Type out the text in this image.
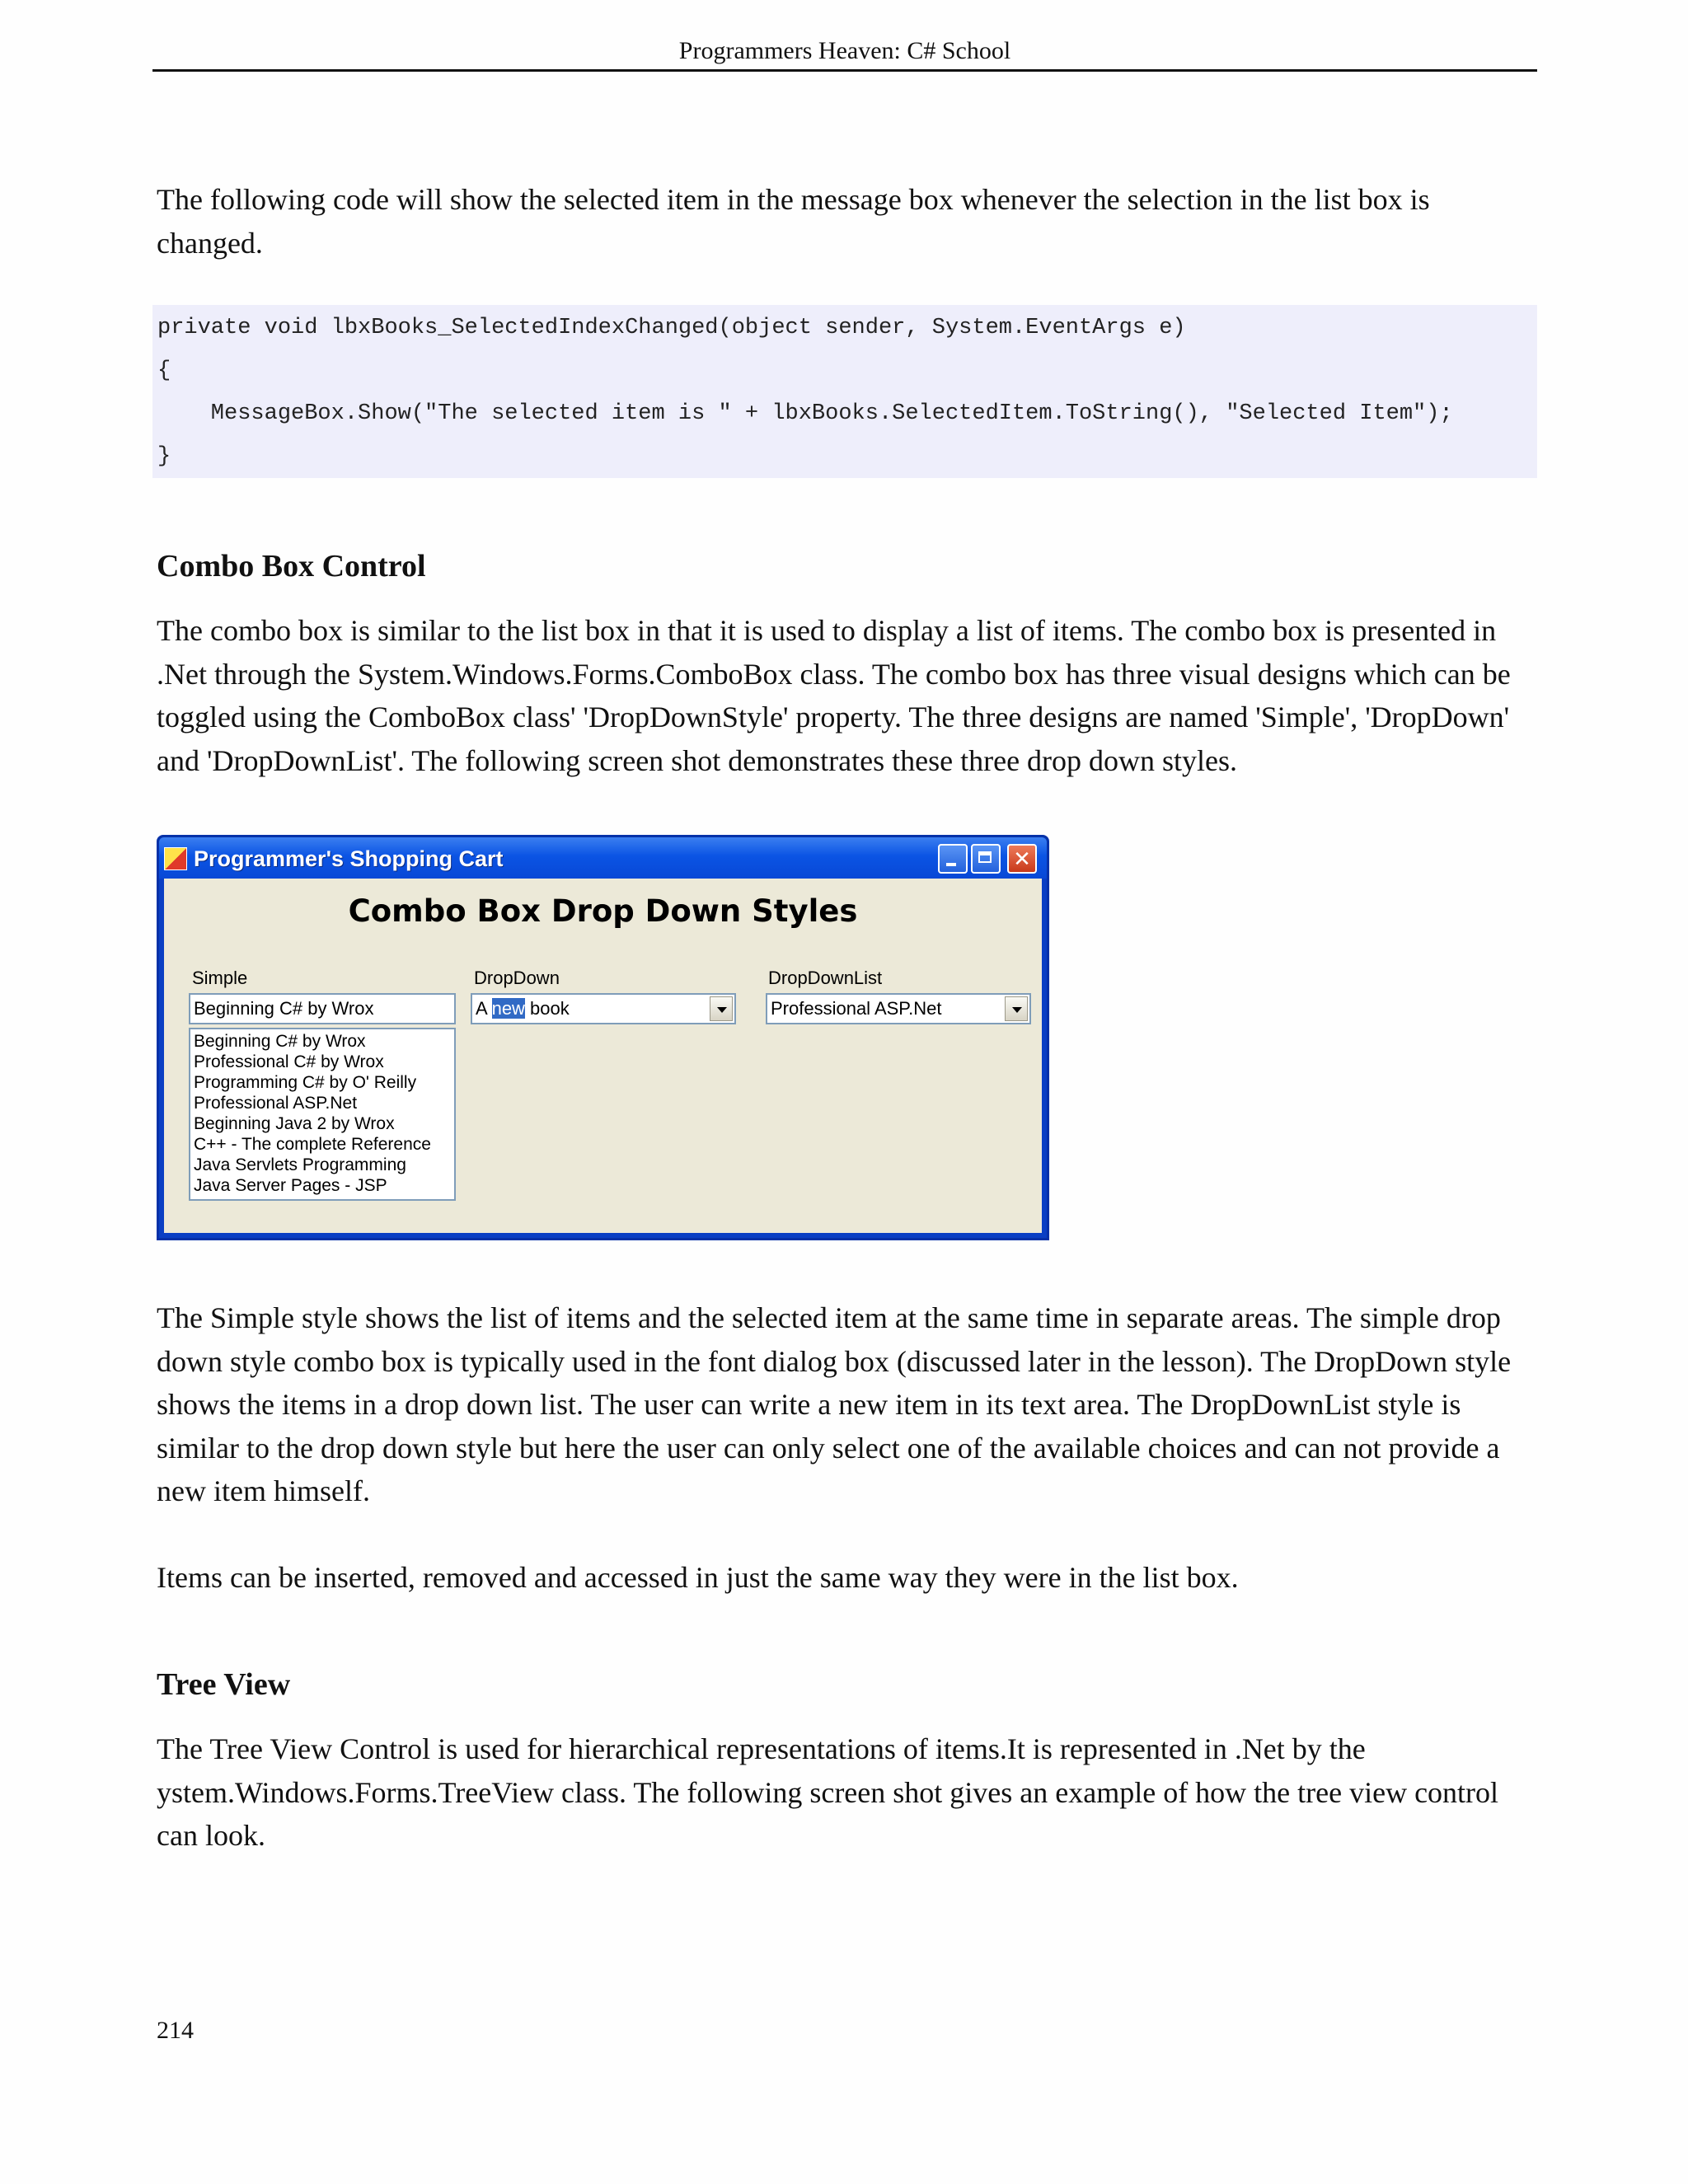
Programmers Heaven: C# School

The following code will show the selected item in the message box whenever the selection in the list box is changed.

private void lbxBooks_SelectedIndexChanged(object sender, System.EventArgs e)
{
MessageBox.Show("The selected item is " + lbxBooks.SelectedItem.ToString(), "Selected Item");
}
Combo Box Control

The combo box is similar to the list box in that it is used to display a list of items. The combo box is presented in .Net through the System.Windows.Forms.ComboBox class. The combo box has three visual designs which can be toggled using the ComboBox class' 'DropDownStyle' property. The three designs are named 'Simple', 'DropDown' and 'DropDownList'. The following screen shot demonstrates these three drop down styles.

Programmer's Shopping Cart	✕
Combo Box Drop Down Styles
Simple	DropDown	DropDownList
Beginning C# by Wrox
Beginning C# by Wrox
Professional C# by Wrox
Programming C# by O' Reilly
Professional ASP.Net
Beginning Java 2 by Wrox
C++ - The complete Reference
Java Servlets Programming
Java Server Pages - JSP
A new book	Professional ASP.Net

The Simple style shows the list of items and the selected item at the same time in separate areas. The simple drop down style combo box is typically used in the font dialog box (discussed later in the lesson). The DropDown style shows the items in a drop down list. The user can write a new item in its text area. The DropDownList style is similar to the drop down style but here the user can only select one of the available choices and can not provide a new item himself.

Items can be inserted, removed and accessed in just the same way they were in the list box.

Tree View

The Tree View Control is used for hierarchical representations of items.It is represented in .Net by the ystem.Windows.Forms.TreeView class. The following screen shot gives an example of how the tree view control can look.

214
